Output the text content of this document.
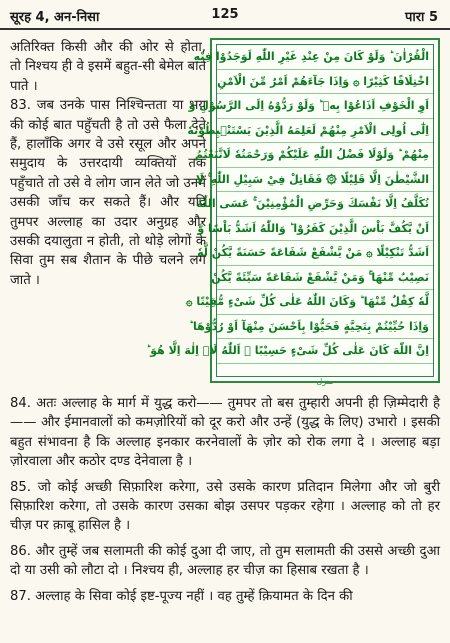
सूरह 4, अन-निसा	125	पारा 5

अतिरिक्त किसी और की ओर से होता, तो निश्चय ही वे इसमें बहुत-सी बेमेल बातें पाते ।

83. जब उनके पास निश्चिन्तता या भय की कोई बात पहुँचती है तो उसे फैला देते हैं, हालाँकि अगर वे उसे रसूल और अपने समुदाय के उत्तरदायी व्यक्तियों तक पहुँचाते तो उसे वे लोग जान लेते जो उनमें उसकी जाँच कर सकते हैं। और यदि तुमपर अल्लाह का उदार अनुग्रह और उसकी दयालुता न होती, तो थोड़े लोगों के सिवा तुम सब शैतान के पीछे चलने लग जाते ।

الْقُرْاٰنَ ؕ وَلَوْ كَانَ مِنْ عِنْدِ غَيْرِ اللّٰهِ لَوَجَدُوْا فِيْهِ
اخْتِلَافًا كَثِيْرًا ۞ وَاِذَا جَآءَهُمْ اَمْرٌ مِّنَ الْاَمْنِ
اَوِ الْخَوْفِ اَذَاعُوْا بِهٖ ؕ وَلَوْ رَدُّوْهُ اِلَى الرَّسُوْلِ وَ
اِلٰٓى اُولِى الْاَمْرِ مِنْهُمْ لَعَلِمَهُ الَّذِيْنَ يَسْتَنْۢبِطُوْنَهٗ
مِنْهُمْ ؕ وَلَوْلَا فَضْلُ اللّٰهِ عَلَيْكُمْ وَرَحْمَتُهٗ لَاتَّبَعْتُمُ
الشَّيْطٰنَ اِلَّا قَلِيْلًا ۞ فَقَاتِلْ فِيْ سَبِيْلِ اللّٰهِ ۚ لَا
تُكَلَّفُ اِلَّا نَفْسَكَ وَحَرِّضِ الْمُؤْمِنِيْنَ ۚ عَسَى اللّٰهُ
اَنْ يَّكُفَّ بَاْسَ الَّذِيْنَ كَفَرُوْا ؕ وَاللّٰهُ اَشَدُّ بَاْسًا وَّ
اَشَدُّ تَنْكِيْلًا ۞ مَنْ يَّشْفَعْ شَفَاعَةً حَسَنَةً يَّكُنْ لَّهٗ
نَصِيْبٌ مِّنْهَا ۚ وَمَنْ يَّشْفَعْ شَفَاعَةً سَيِّئَةً يَّكُنْ
لَّهٗ كِفْلٌ مِّنْهَا ؕ وَكَانَ اللّٰهُ عَلٰى كُلِّ شَىْءٍ مُّقِيْتًا ۞
وَاِذَا حُيِّيْتُمْ بِتَحِيَّةٍ فَحَيُّوْا بِاَحْسَنَ مِنْهَآ اَوْ رُدُّوْهَا ؕ
اِنَّ اللّٰهَ كَانَ عَلٰى كُلِّ شَىْءٍ حَسِيْبًا ۞ اَللّٰهُ لَاۤ اِلٰهَ اِلَّا هُوَ ؕ
منزل

84. अतः अल्लाह के मार्ग में युद्ध करो—— तुमपर तो बस तुम्हारी अपनी ही ज़िम्मेदारी है—— और ईमानवालों को कमज़ोरियों को दूर करो और उन्हें (युद्ध के लिए) उभारो । इसकी बहुत संभावना है कि अल्लाह इनकार करनेवालों के ज़ोर को रोक लगा दे । अल्लाह बड़ा ज़ोरवाला और कठोर दण्ड देनेवाला है ।

85. जो कोई अच्छी सिफ़ारिश करेगा, उसे उसके कारण प्रतिदान मिलेगा और जो बुरी सिफ़ारिश करेगा, तो उसके कारण उसका बोझ उसपर पड़कर रहेगा । अल्लाह को तो हर चीज़ पर क़ाबू हासिल है ।

86. और तुम्हें जब सलामती की कोई दुआ दी जाए, तो तुम सलामती की उससे अच्छी दुआ दो या उसी को लौटा दो । निश्चय ही, अल्लाह हर चीज़ का हिसाब रखता है ।

87. अल्लाह के सिवा कोई इष्ट-पूज्य नहीं । वह तुम्हें क़ियामत के दिन की
